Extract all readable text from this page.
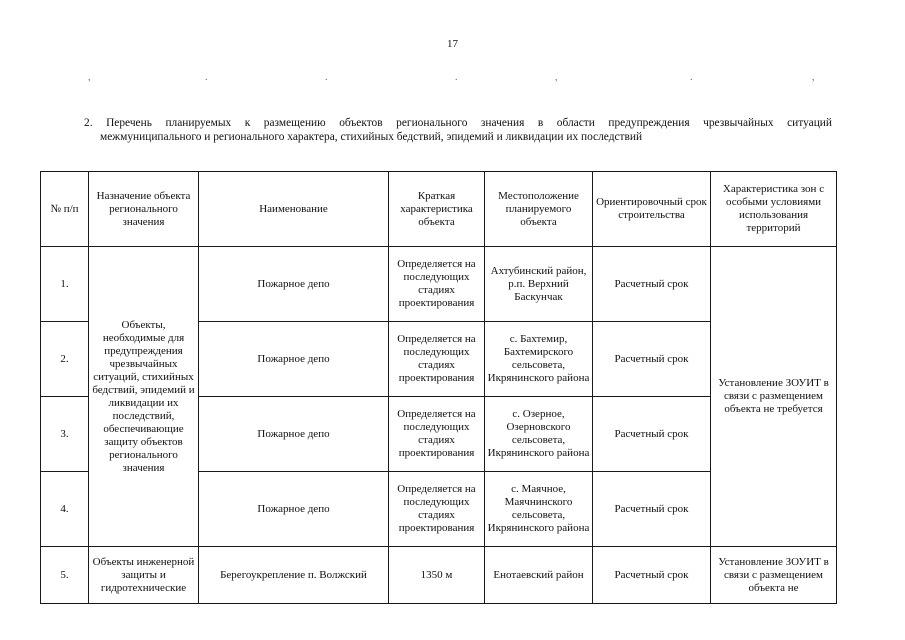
17
,	.	.	.	,	.	,
2. Перечень планируемых к размещению объектов регионального значения в области предупреждения чрезвычайных ситуаций
межмуниципального и регионального характера, стихийных бедствий, эпидемий и ликвидации их последствий
№ п/п	Назначение объекта регионального значения	Наименование	Краткая характеристика объекта	Местоположение планируемого объекта	Ориентировочный срок строительства	Характеристика зон с особыми условиями использования территорий
1.	Объекты, необходимые для предупреждения чрезвычайных ситуаций, стихийных бедствий, эпидемий и ликвидации их последствий, обеспечивающие защиту объектов регионального значения	Пожарное депо	Определяется на последующих стадиях проектирования	Ахтубинский район, р.п. Верхний Баскунчак	Расчетный срок	Установление ЗОУИТ в связи с размещением объекта не требуется
2.		Пожарное депо	Определяется на последующих стадиях проектирования	с. Бахтемир, Бахтемирского сельсовета, Икрянинского района	Расчетный срок	
3.		Пожарное депо	Определяется на последующих стадиях проектирования	с. Озерное, Озерновского сельсовета, Икрянинского района	Расчетный срок	
4.		Пожарное депо	Определяется на последующих стадиях проектирования	с. Маячное, Маячнинского сельсовета, Икрянинского района	Расчетный срок	
5.	Объекты инженерной защиты и гидротехнические	Берегоукрепление п. Волжский	1350 м	Енотаевский район	Расчетный срок	Установление ЗОУИТ в связи с размещением объекта не
